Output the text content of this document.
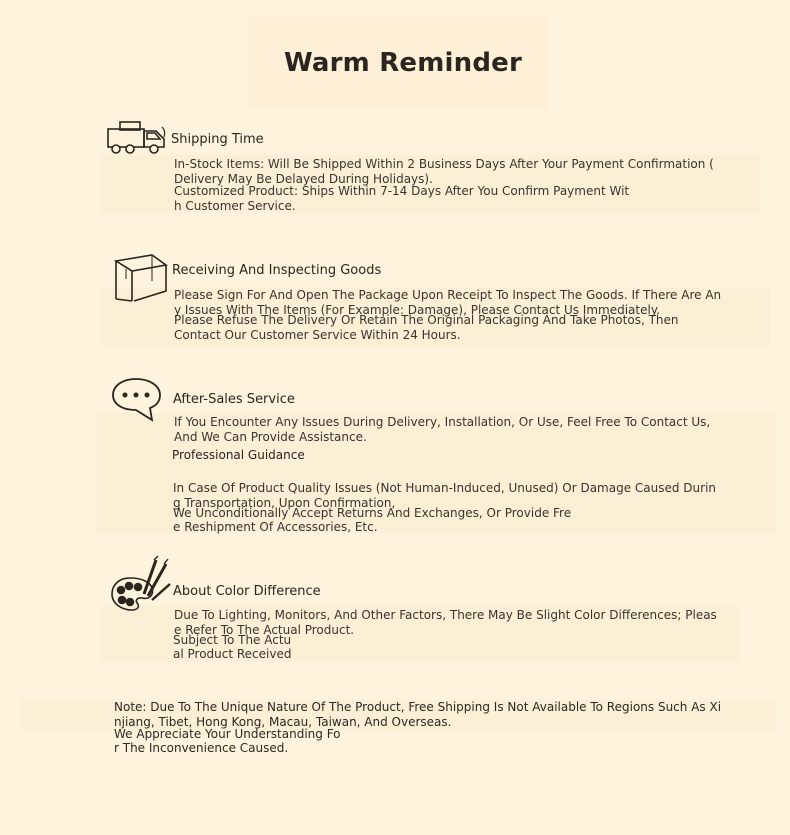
Warm Reminder
Shipping Time
In-Stock Items: Will Be Shipped Within 2 Business Days After Your Payment Confirmation (
Delivery May Be Delayed During Holidays).
Customized Product: Ships Within 7-14 Days After You Confirm Payment Wit
h Customer Service.
Receiving And Inspecting Goods
Please Sign For And Open The Package Upon Receipt To Inspect The Goods. If There Are An
y Issues With The Items (For Example: Damage), Please Contact Us Immediately.
Please Refuse The Delivery Or Retain The Original Packaging And Take Photos, Then
Contact Our Customer Service Within 24 Hours.
After-Sales Service
If You Encounter Any Issues During Delivery, Installation, Or Use, Feel Free To Contact Us,
And We Can Provide Assistance.
Professional Guidance
In Case Of Product Quality Issues (Not Human-Induced, Unused) Or Damage Caused Durin
g Transportation, Upon Confirmation,
We Unconditionally Accept Returns And Exchanges, Or Provide Fre
e Reshipment Of Accessories, Etc.
About Color Difference
Due To Lighting, Monitors, And Other Factors, There May Be Slight Color Differences; Pleas
e Refer To The Actual Product.
Subject To The Actu
al Product Received
Note: Due To The Unique Nature Of The Product, Free Shipping Is Not Available To Regions Such As Xi
njiang, Tibet, Hong Kong, Macau, Taiwan, And Overseas.
We Appreciate Your Understanding Fo
r The Inconvenience Caused.
